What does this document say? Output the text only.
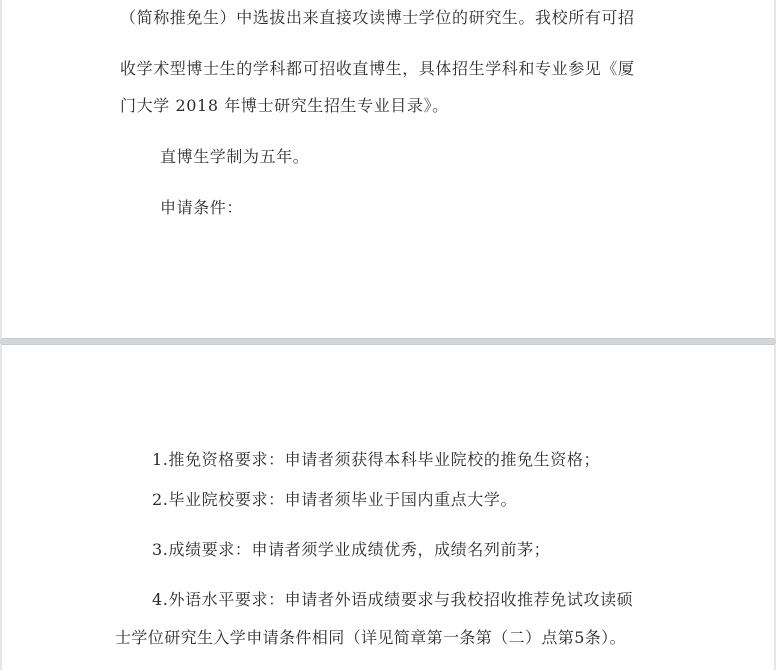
（简称推免生）中选拔出来直接攻读博士学位的研究生。我校所有可招
收学术型博士生的学科都可招收直博生，具体招生学科和专业参见《厦
门大学 2018 年博士研究生招生专业目录》。
直博生学制为五年。
申请条件：
1.推免资格要求：申请者须获得本科毕业院校的推免生资格；
2.毕业院校要求：申请者须毕业于国内重点大学。
3.成绩要求：申请者须学业成绩优秀，成绩名列前茅；
4.外语水平要求：申请者外语成绩要求与我校招收推荐免试攻读硕
士学位研究生入学申请条件相同（详见简章第一条第（二）点第5条）。
